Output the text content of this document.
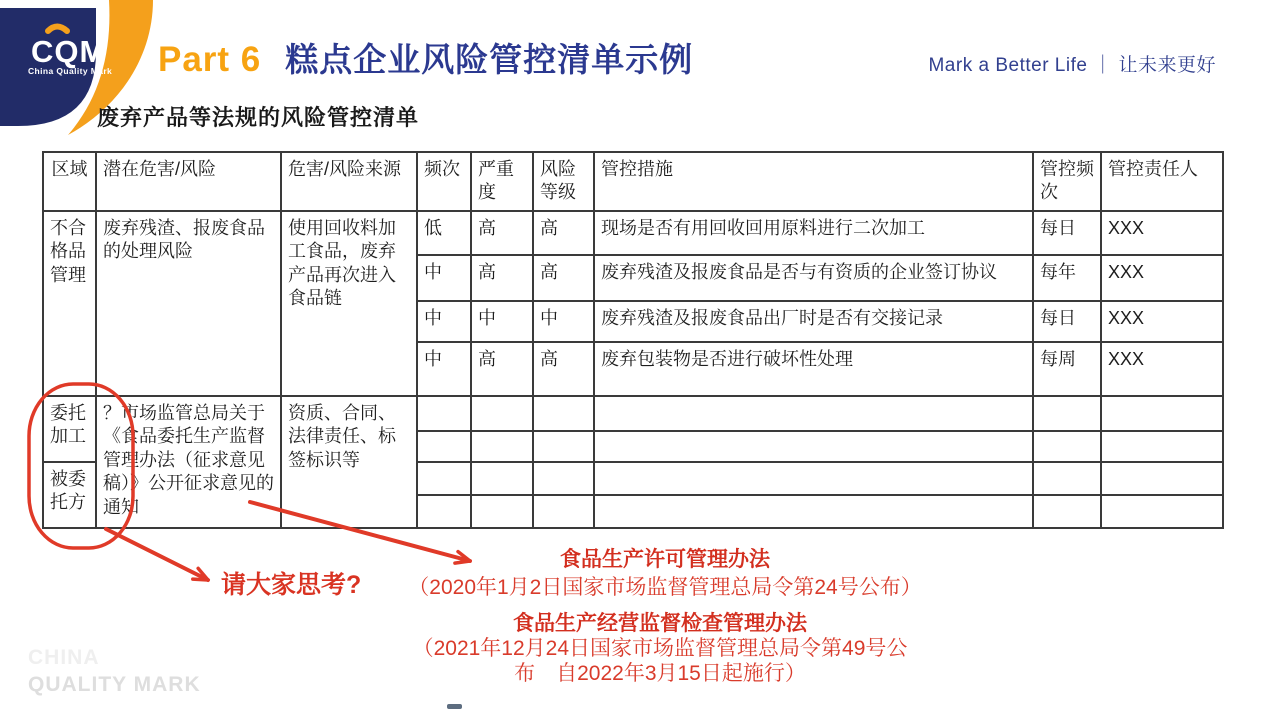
CQM
China Quality Mark Part 6 糕点企业风险管控清单示例	Mark a Better Life ｜ 让未来更好
废弃产品等法规的风险管控清单
区域	潜在危害/风险	危害/风险来源	频次	严重度	风险等级	管控措施	管控频次	管控责任人
不合格品管理	废弃残渣、报废食品的处理风险	使用回收料加工食品，废弃产品再次进入食品链	低	高	高	现场是否有用回收回用原料进行二次加工	每日	XXX
			中	高	高	废弃残渣及报废食品是否与有资质的企业签订协议	每年	XXX
			中	中	中	废弃残渣及报废食品出厂时是否有交接记录	每日	XXX
			中	高	高	废弃包装物是否进行破坏性处理	每周	XXX
委托加工	？市场监管总局关于《食品委托生产监督管理办法（征求意见稿）》公开征求意见的通知	资质、合同、法律责任、标签标识等						

被委托方								

请大家思考?
食品生产许可管理办法
（2020年1月2日国家市场监督管理总局令第24号公布）
食品生产经营监督检查管理办法
（2021年12月24日国家市场监督管理总局令第49号公
布　自2022年3月15日起施行）
CHINA
QUALITY MARK
